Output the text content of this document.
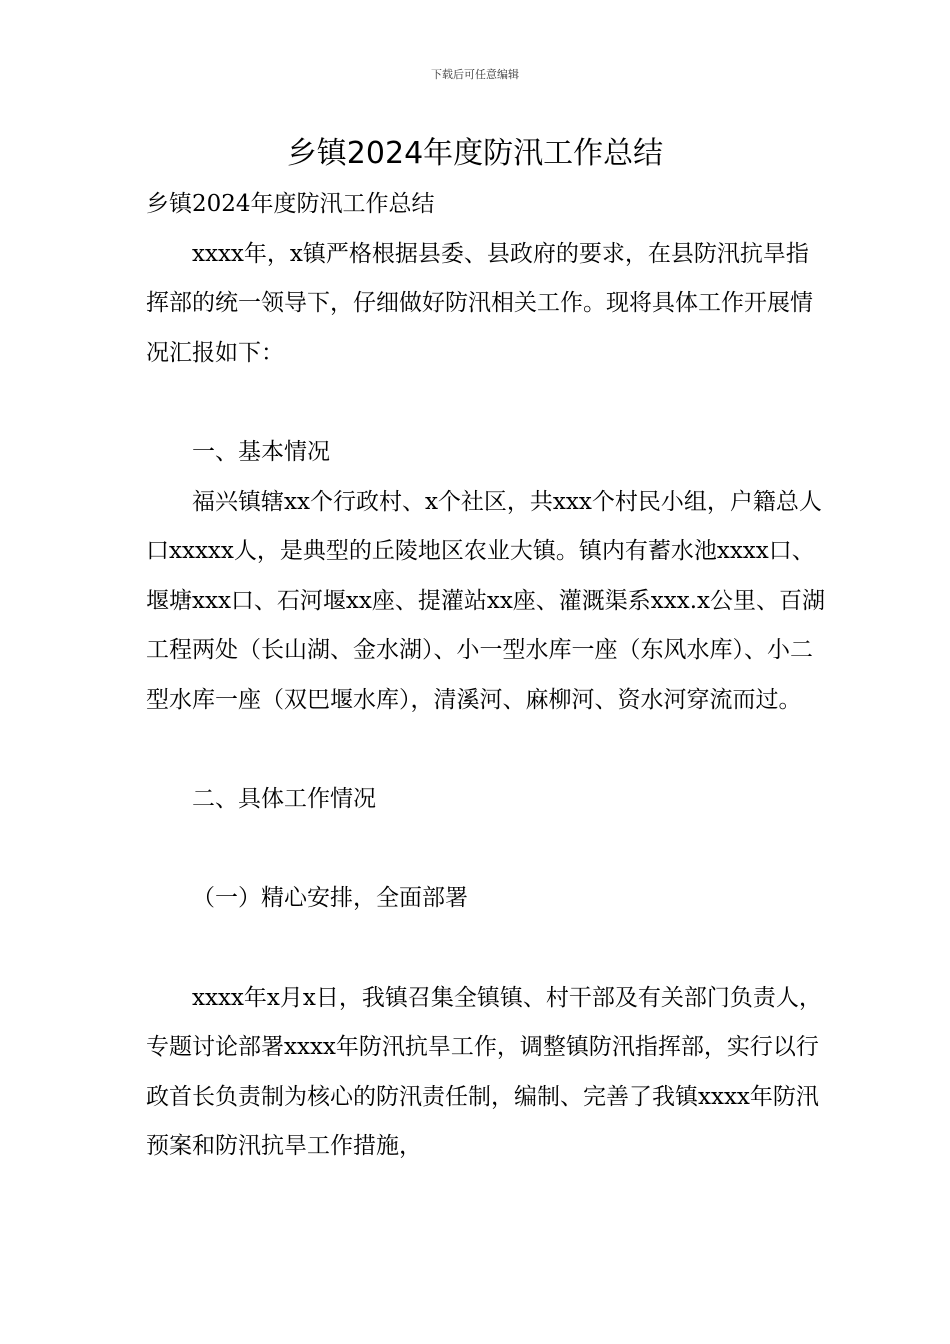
下载后可任意编辑
乡镇2024年度防汛工作总结

乡镇2024年度防汛工作总结

xxxx年，x镇严格根据县委、县政府的要求，在县防汛抗旱指挥部的统一领导下，仔细做好防汛相关工作。现将具体工作开展情况汇报如下：

一、基本情况

福兴镇辖xx个行政村、x个社区，共xxx个村民小组，户籍总人口xxxxx人，是典型的丘陵地区农业大镇。镇内有蓄水池xxxx口、堰塘xxx口、石河堰xx座、提灌站xx座、灌溉渠系xxx.x公里、百湖工程两处（长山湖、金水湖）、小一型水库一座（东风水库）、小二型水库一座（双巴堰水库），清溪河、麻柳河、资水河穿流而过。

二、具体工作情况

（一）精心安排，全面部署

xxxx年x月x日，我镇召集全镇镇、村干部及有关部门负责人，专题讨论部署xxxx年防汛抗旱工作，调整镇防汛指挥部，实行以行政首长负责制为核心的防汛责任制，编制、完善了我镇xxxx年防汛预案和防汛抗旱工作措施，
